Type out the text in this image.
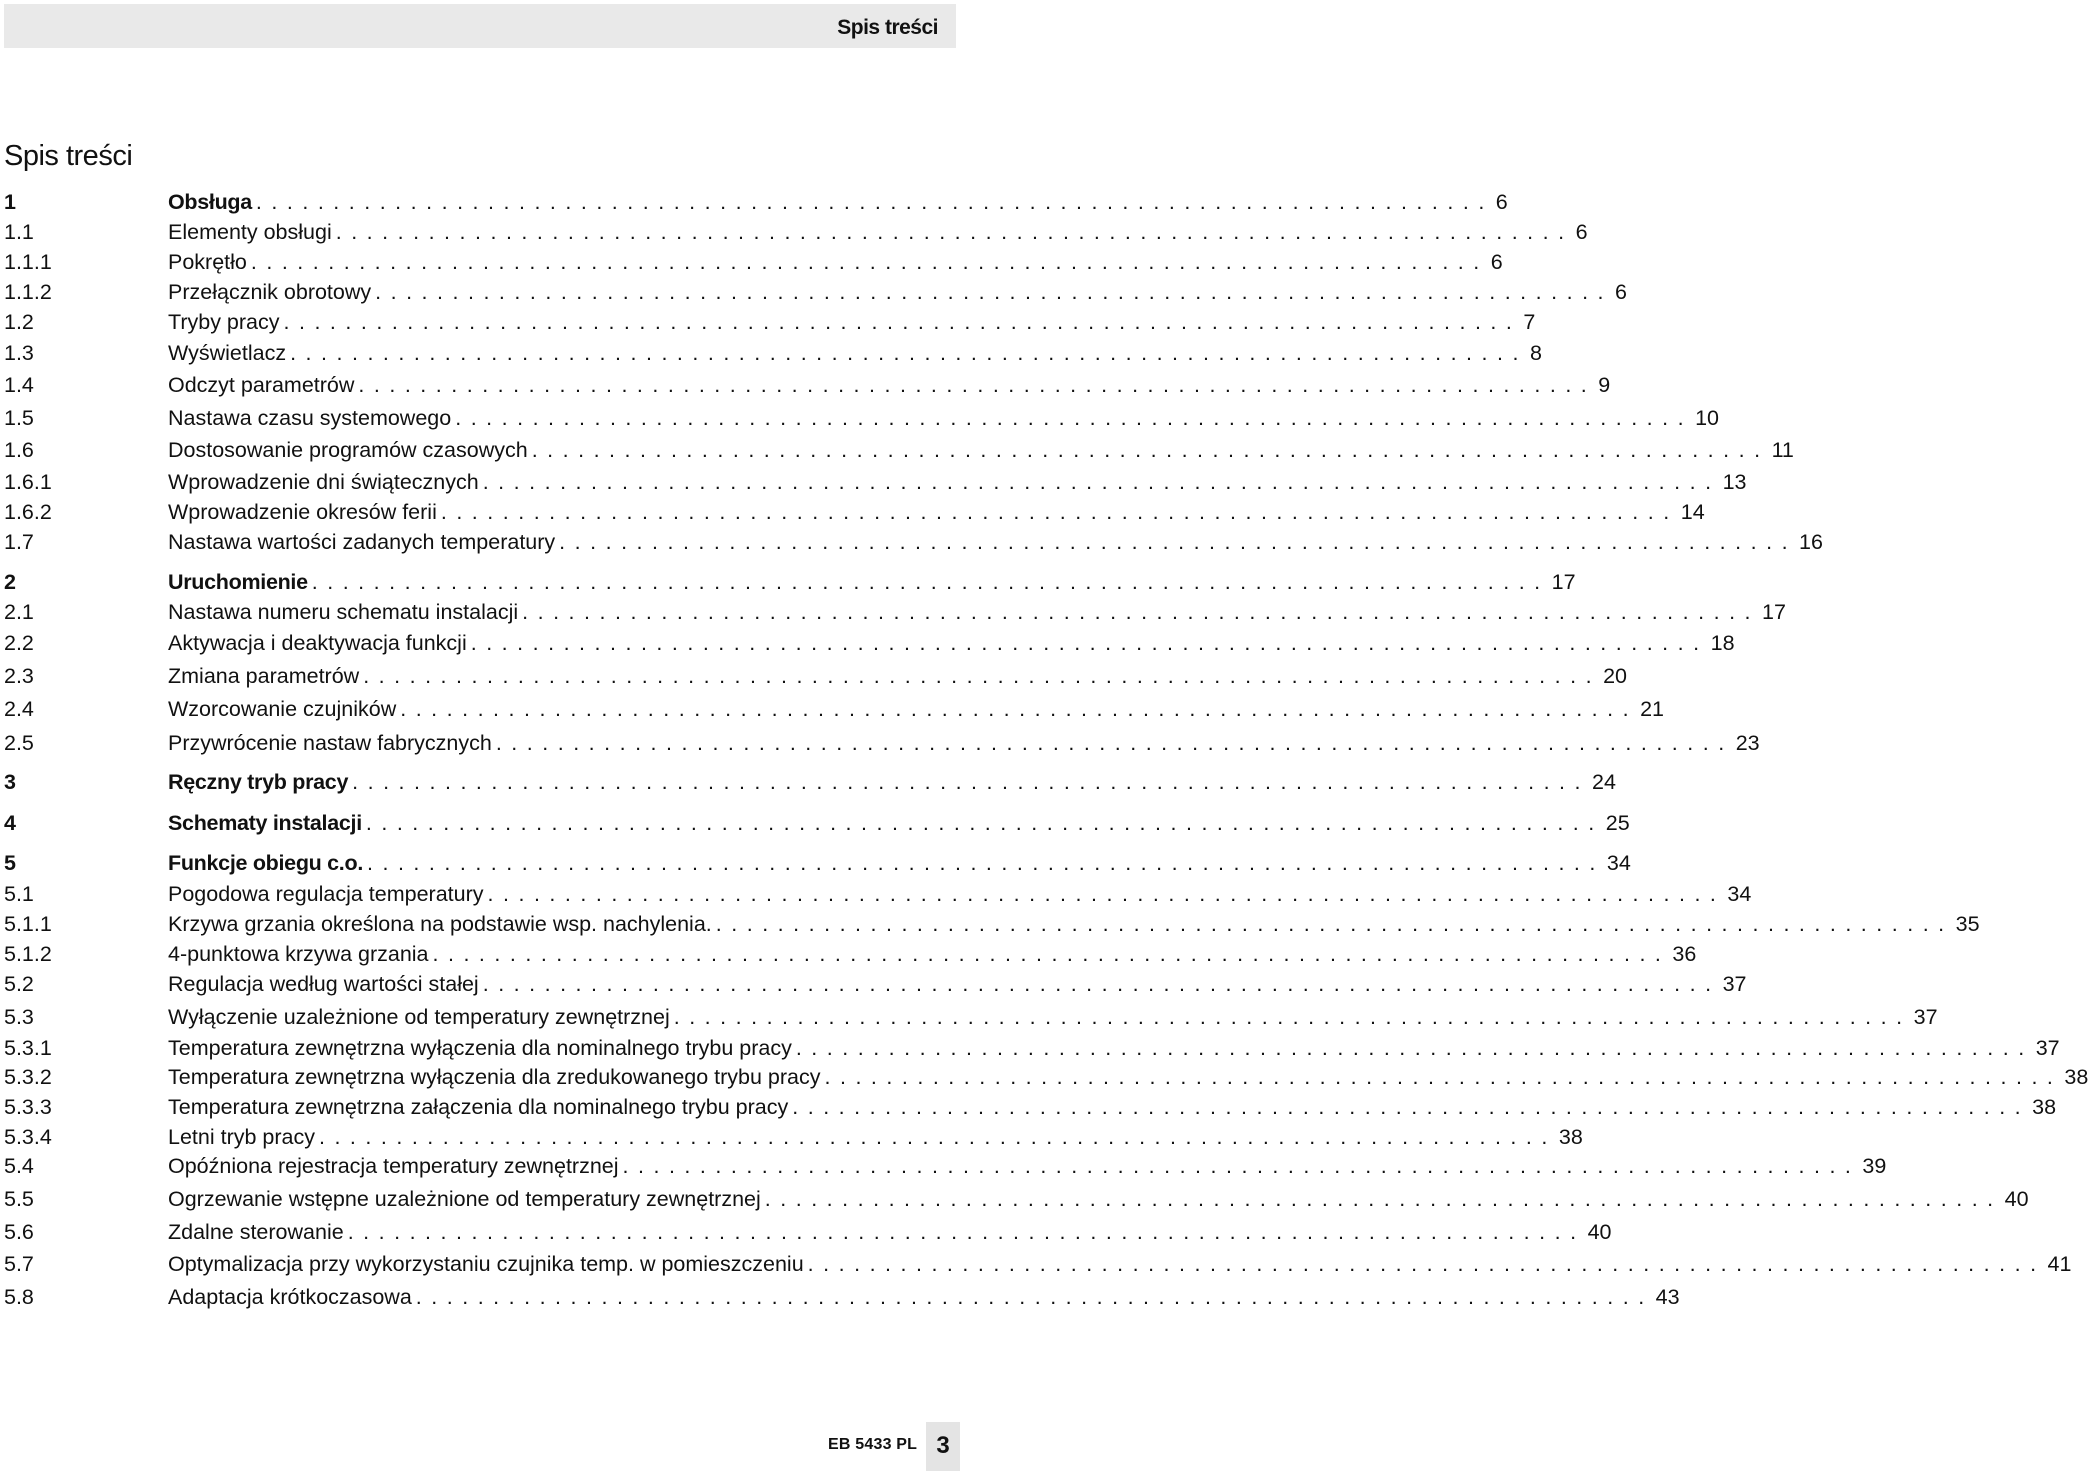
Spis treści
Spis treści
1	Obsługa ................................................................................ 6
1.1	Elementy obsługi ................................................................................ 6
1.1.1	Pokrętło ................................................................................ 6
1.1.2	Przełącznik obrotowy ................................................................................ 6
1.2	Tryby pracy ................................................................................ 7
1.3	Wyświetlacz ................................................................................ 8
1.4	Odczyt parametrów ................................................................................ 9
1.5	Nastawa czasu systemowego ................................................................................ 10
1.6	Dostosowanie programów czasowych ................................................................................ 11
1.6.1	Wprowadzenie dni świątecznych ................................................................................ 13
1.6.2	Wprowadzenie okresów ferii ................................................................................ 14
1.7	Nastawa wartości zadanych temperatury ................................................................................ 16
2	Uruchomienie ................................................................................ 17
2.1	Nastawa numeru schematu instalacji ................................................................................ 17
2.2	Aktywacja i deaktywacja funkcji ................................................................................ 18
2.3	Zmiana parametrów ................................................................................ 20
2.4	Wzorcowanie czujników ................................................................................ 21
2.5	Przywrócenie nastaw fabrycznych ................................................................................ 23
3	Ręczny tryb pracy ................................................................................ 24
4	Schematy instalacji ................................................................................ 25
5	Funkcje obiegu c.o. ................................................................................ 34
5.1	Pogodowa regulacja temperatury ................................................................................ 34
5.1.1	Krzywa grzania określona na podstawie wsp. nachylenia. ................................................................................ 35
5.1.2	4-punktowa krzywa grzania ................................................................................ 36
5.2	Regulacja według wartości stałej ................................................................................ 37
5.3	Wyłączenie uzależnione od temperatury zewnętrznej ................................................................................ 37
5.3.1	Temperatura zewnętrzna wyłączenia dla nominalnego trybu pracy ................................................................................ 37
5.3.2	Temperatura zewnętrzna wyłączenia dla zredukowanego trybu pracy ................................................................................ 38
5.3.3	Temperatura zewnętrzna załączenia dla nominalnego trybu pracy ................................................................................ 38
5.3.4	Letni tryb pracy ................................................................................ 38
5.4	Opóźniona rejestracja temperatury zewnętrznej ................................................................................ 39
5.5	Ogrzewanie wstępne uzależnione od temperatury zewnętrznej ................................................................................ 40
5.6	Zdalne sterowanie ................................................................................ 40
5.7	Optymalizacja przy wykorzystaniu czujnika temp. w pomieszczeniu ................................................................................ 41
5.8	Adaptacja krótkoczasowa ................................................................................ 43
EB 5433 PL 3
